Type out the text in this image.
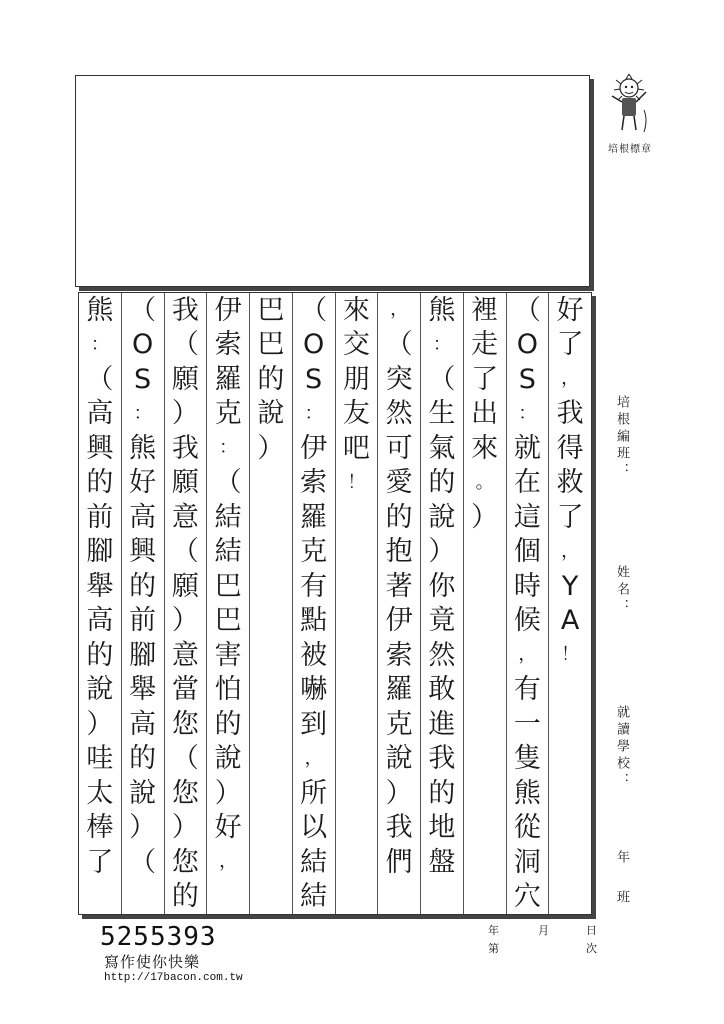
培根標章
培根編班：
姓名：
就讀學校：
年
班
好
了
，
我
得
救
了
，
Y
A
！
（
O
S
：
就
在
這
個
時
候
，
有
一
隻
熊
從
洞
穴
裡
走
了
出
來
。
）
熊
：
（
生
氣
的
說
）
你
竟
然
敢
進
我
的
地
盤
，
（
突
然
可
愛
的
抱
著
伊
索
羅
克
說
）
我
們
來
交
朋
友
吧
！
（
O
S
：
伊
索
羅
克
有
點
被
嚇
到
，
所
以
結
結
巴
巴
的
說
）
伊
索
羅
克
：
（
結
結
巴
巴
害
怕
的
說
）
好
，
我
（
願
）
我
願
意
（
願
）
意
當
您
（
您
）
您
的
（
O
S
：
熊
好
高
興
的
前
腳
舉
高
的
說
）
（
熊
：
（
高
興
的
前
腳
舉
高
的
說
）
哇
太
棒
了
5255393
寫作使你快樂
http://17bacon.com.tw
年	月	日
第	次
